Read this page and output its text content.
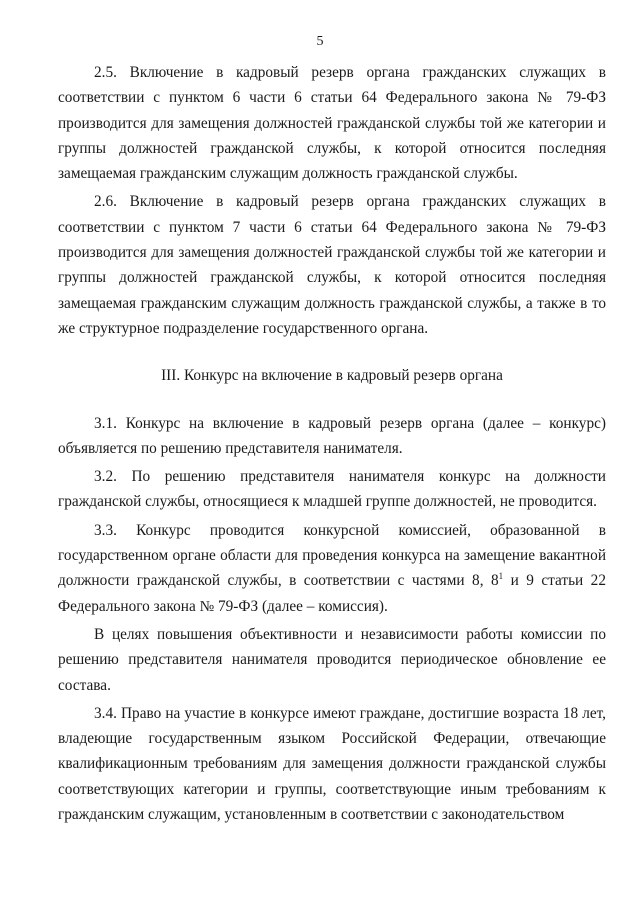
5

2.5. Включение в кадровый резерв органа гражданских служащих в соответствии с пунктом 6 части 6 статьи 64 Федерального закона № 79-ФЗ производится для замещения должностей гражданской службы той же категории и группы должностей гражданской службы, к которой относится последняя замещаемая гражданским служащим должность гражданской службы.

2.6. Включение в кадровый резерв органа гражданских служащих в соответствии с пунктом 7 части 6 статьи 64 Федерального закона № 79-ФЗ производится для замещения должностей гражданской службы той же категории и группы должностей гражданской службы, к которой относится последняя замещаемая гражданским служащим должность гражданской службы, а также в то же структурное подразделение государственного органа.

III. Конкурс на включение в кадровый резерв органа

3.1. Конкурс на включение в кадровый резерв органа (далее – конкурс) объявляется по решению представителя нанимателя.

3.2. По решению представителя нанимателя конкурс на должности гражданской службы, относящиеся к младшей группе должностей, не проводится.

3.3. Конкурс проводится конкурсной комиссией, образованной в государственном органе области для проведения конкурса на замещение вакантной должности гражданской службы, в соответствии с частями 8, $8^1$ и 9 статьи 22 Федерального закона № 79-ФЗ (далее – комиссия).

В целях повышения объективности и независимости работы комиссии по решению представителя нанимателя проводится периодическое обновление ее состава.

3.4. Право на участие в конкурсе имеют граждане, достигшие возраста 18 лет, владеющие государственным языком Российской Федерации, отвечающие квалификационным требованиям для замещения должности гражданской службы соответствующих категории и группы, соответствующие иным требованиям к гражданским служащим, установленным в соответствии с законодательством
